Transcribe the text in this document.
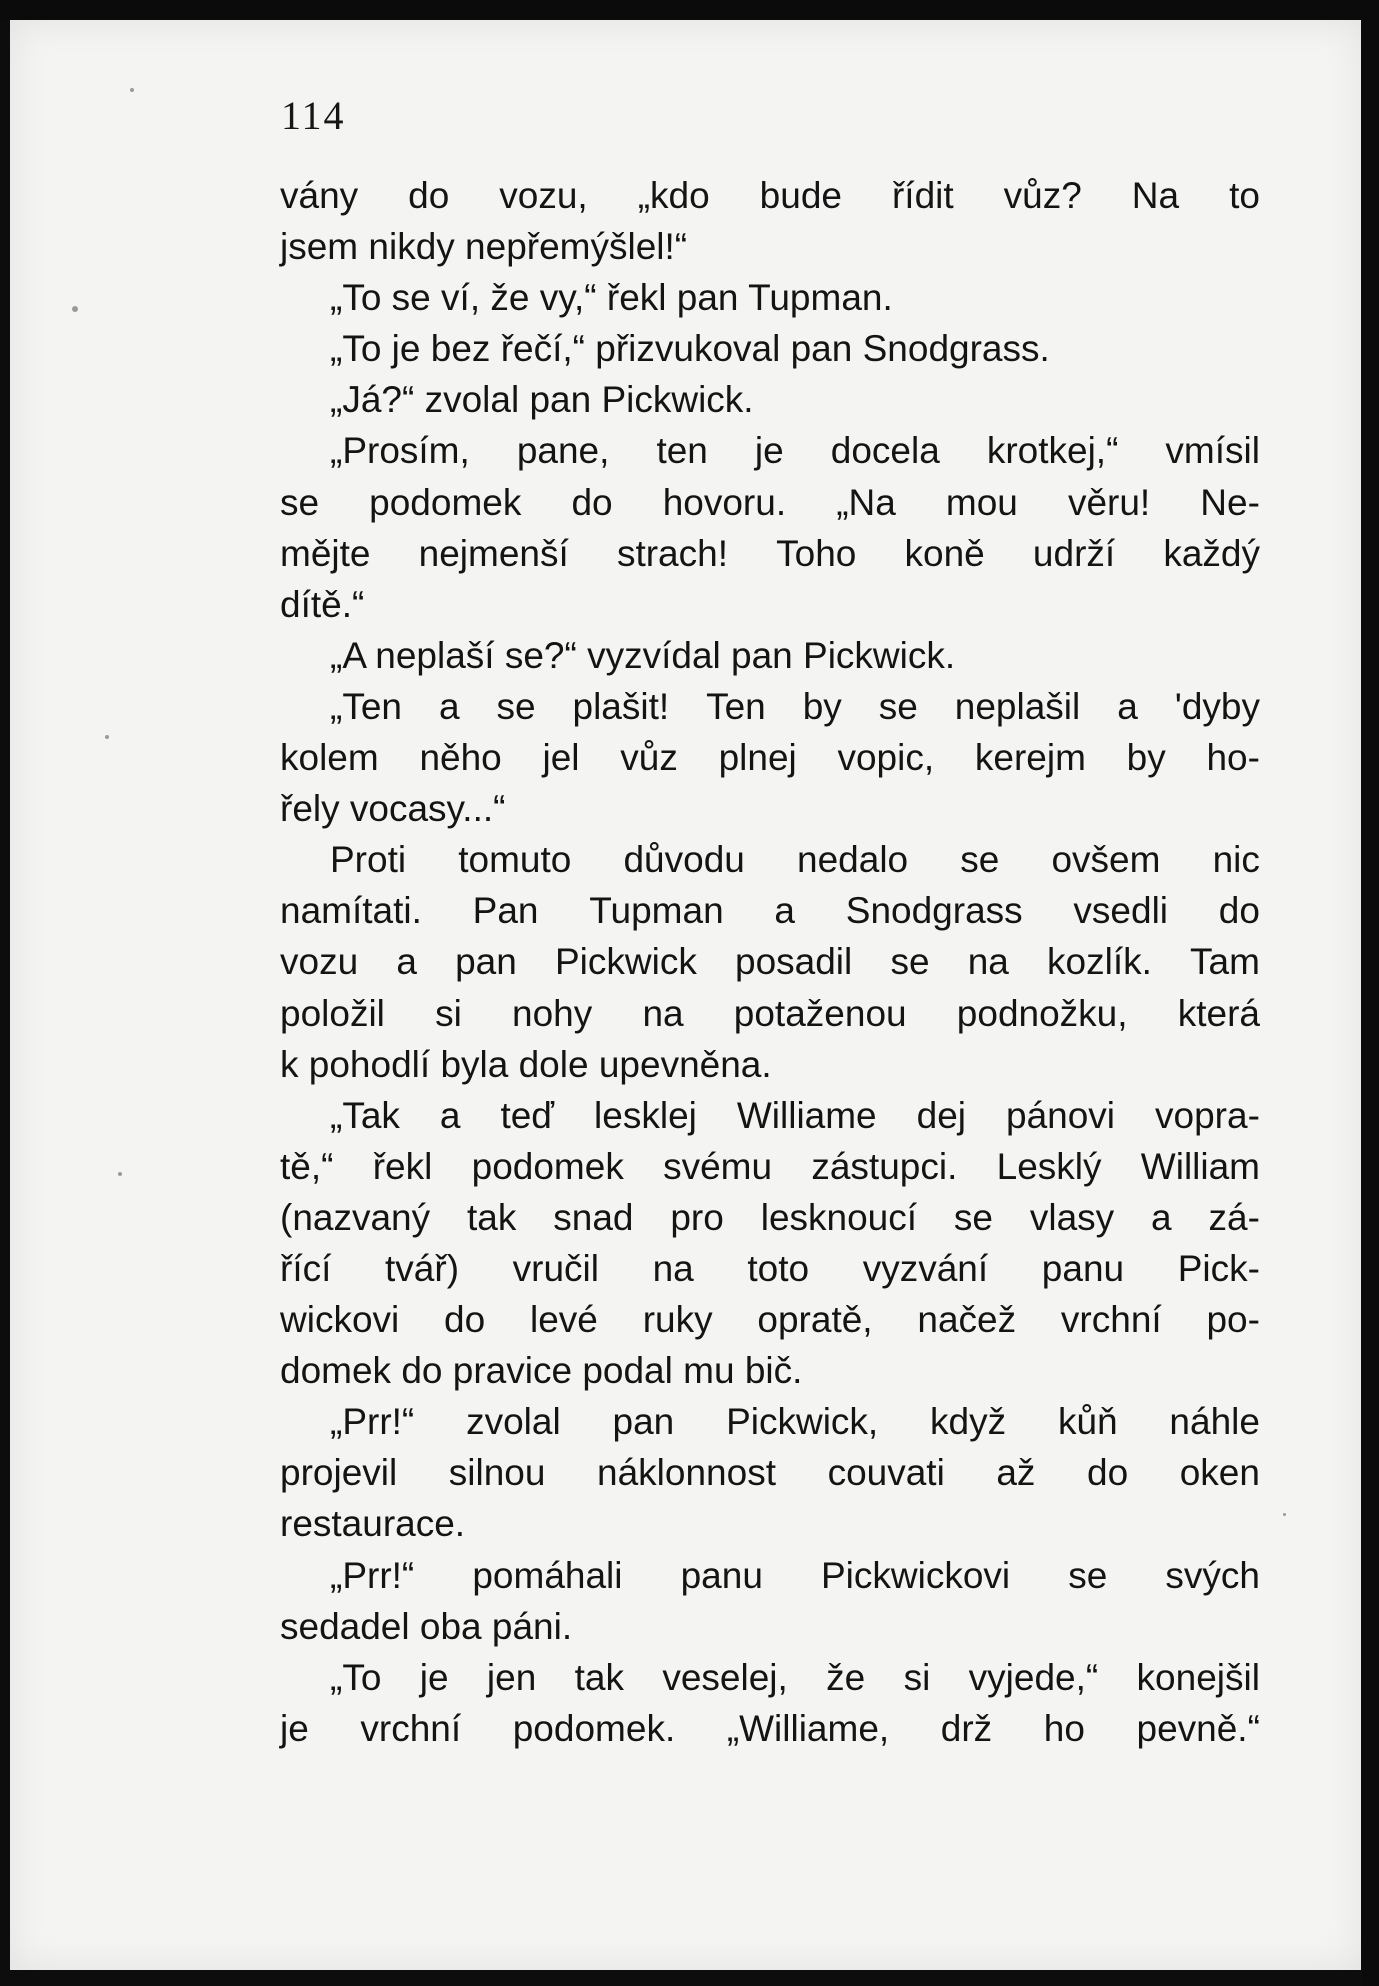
114
vány do vozu, „kdo bude řídit vůz? Na to
jsem nikdy nepřemýšlel!“
„To se ví, že vy,“ řekl pan Tupman.
„To je bez řečí,“ přizvukoval pan Snodgrass.
„Já?“ zvolal pan Pickwick.
„Prosím, pane, ten je docela krotkej,“ vmísil
se podomek do hovoru. „Na mou věru! Ne-
mějte nejmenší strach! Toho koně udrží každý
dítě.“
„A neplaší se?“ vyzvídal pan Pickwick.
„Ten a se plašit! Ten by se neplašil a 'dyby
kolem něho jel vůz plnej vopic, kerejm by ho-
řely vocasy...“
Proti tomuto důvodu nedalo se ovšem nic
namítati. Pan Tupman a Snodgrass vsedli do
vozu a pan Pickwick posadil se na kozlík. Tam
položil si nohy na potaženou podnožku, která
k pohodlí byla dole upevněna.
„Tak a teď lesklej Williame dej pánovi vopra-
tě,“ řekl podomek svému zástupci. Lesklý William
(nazvaný tak snad pro lesknoucí se vlasy a zá-
řící tvář) vručil na toto vyzvání panu Pick-
wickovi do levé ruky opratě, načež vrchní po-
domek do pravice podal mu bič.
„Prr!“ zvolal pan Pickwick, když kůň náhle
projevil silnou náklonnost couvati až do oken
restaurace.
„Prr!“ pomáhali panu Pickwickovi se svých
sedadel oba páni.
„To je jen tak veselej, že si vyjede,“ konejšil
je vrchní podomek. „Williame, drž ho pevně.“
